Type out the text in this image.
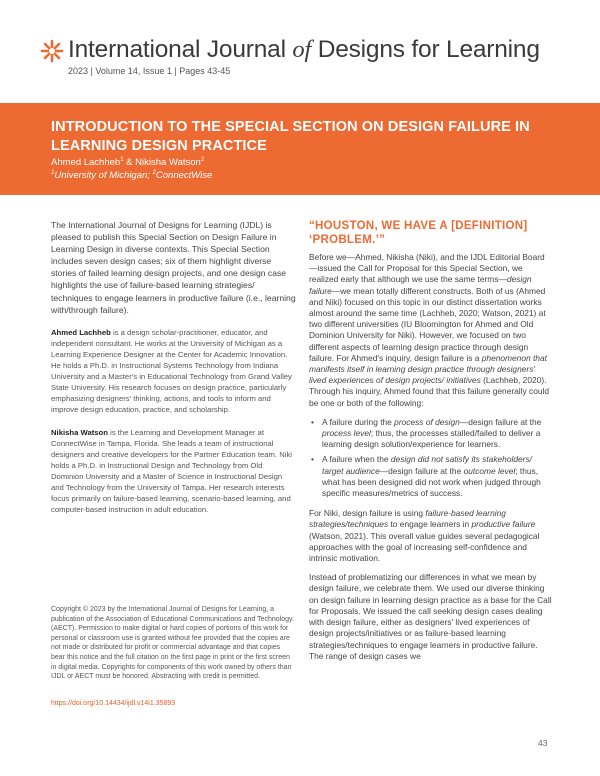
International Journal of Designs for Learning
2023 | Volume 14, Issue 1 | Pages 43-45
INTRODUCTION TO THE SPECIAL SECTION ON DESIGN FAILURE IN LEARNING DESIGN PRACTICE
Ahmed Lachheb$^1$ & Nikisha Watson$^2$
$^1$University of Michigan; $^2$ConnectWise

The International Journal of Designs for Learning (IJDL) is pleased to publish this Special Section on Design Failure in Learning Design in diverse contexts. This Special Section includes seven design cases; six of them highlight diverse stories of failed learning design projects, and one design case highlights the use of failure-based learning strategies/ techniques to engage learners in productive failure (i.e., learning with/through failure).

Ahmed Lachheb is a design scholar-practitioner, educator, and independent consultant. He works at the University of Michigan as a Learning Experience Designer at the Center for Academic Innovation. He holds a Ph.D. in Instructional Systems Technology from Indiana University and a Master's in Educational Technology from Grand Valley State University. His research focuses on design practice, particularly emphasizing designers' thinking, actions, and tools to inform and improve design education, practice, and scholarship.

Nikisha Watson is the Learning and Development Manager at ConnectWise in Tampa, Florida. She leads a team of instructional designers and creative developers for the Partner Education team. Niki holds a Ph.D. in Instructional Design and Technology from Old Dominion University and a Master of Science in Instructional Design and Technology from the University of Tampa. Her research interests focus primarily on failure-based learning, scenario-based learning, and computer-based instruction in adult education.

Copyright © 2023 by the International Journal of Designs for Learning, a publication of the Association of Educational Communications and Technology. (AECT). Permission to make digital or hard copies of portions of this work for personal or classroom use is granted without fee provided that the copies are not made or distributed for profit or commercial advantage and that copies bear this notice and the full citation on the first page in print or the first screen in digital media. Copyrights for components of this work owned by others than IJDL or AECT must be honored. Abstracting with credit is permitted.
https://doi.org/10.14434/ijdl.v14i1.35893
“HOUSTON, WE HAVE A [DEFINITION] ‘PROBLEM.’”

Before we—Ahmed, Nikisha (Niki), and the IJDL Editorial Board—issued the Call for Proposal for this Special Section, we realized early that although we use the same terms—design failure—we mean totally different constructs. Both of us (Ahmed and Niki) focused on this topic in our distinct dissertation works almost around the same time (Lachheb, 2020; Watson, 2021) at two different universities (IU Bloomington for Ahmed and Old Dominion University for Niki). However, we focused on two different aspects of learning design practice through design failure. For Ahmed's inquiry, design failure is a phenomenon that manifests itself in learning design practice through designers' lived experiences of design projects/ initiatives (Lachheb, 2020). Through his inquiry, Ahmed found that this failure generally could be one or both of the following:

• A failure during the process of design—design failure at the process level; thus, the processes stalled/failed to deliver a learning design solution/experience for learners.
• A failure when the design did not satisfy its stakeholders/ target audience—design failure at the outcome level; thus, what has been designed did not work when judged through specific measures/metrics of success.

For Niki, design failure is using failure-based learning strategies/techniques to engage learners in productive failure (Watson, 2021). This overall value guides several pedagogical approaches with the goal of increasing self-confidence and intrinsic motivation.

Instead of problematizing our differences in what we mean by design failure, we celebrate them. We used our diverse thinking on design failure in learning design practice as a base for the Call for Proposals. We issued the call seeking design cases dealing with design failure, either as designers' lived experiences of design projects/initiatives or as failure-based learning strategies/techniques to engage learners in productive failure. The range of design cases we

43
